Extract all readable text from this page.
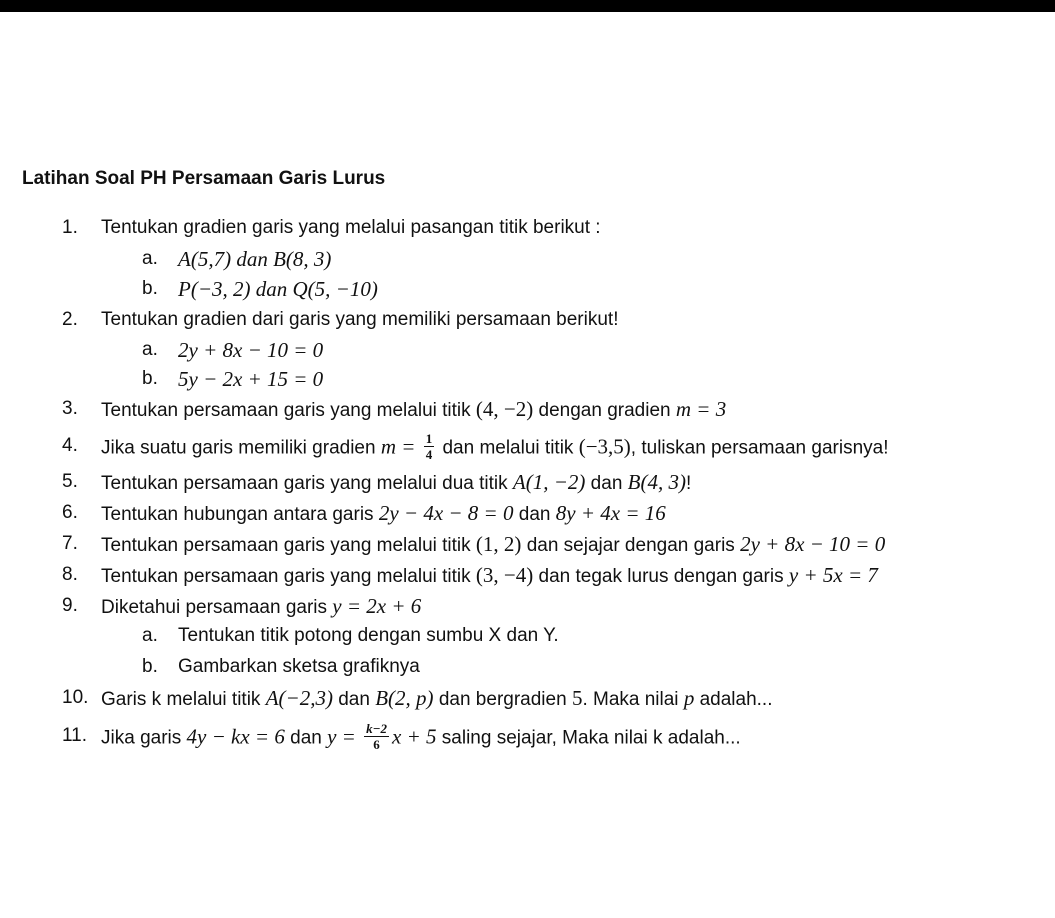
Latihan Soal PH Persamaan Garis Lurus
1.	Tentukan gradien garis yang melalui pasangan titik berikut :
a. A(5,7) dan B(8, 3)
b. P(−3, 2) dan Q(5, −10)
2.	Tentukan gradien dari garis yang memiliki persamaan berikut!
a. 2y + 8x − 10 = 0
b. 5y − 2x + 15 = 0
3.	Tentukan persamaan garis yang melalui titik (4, −2) dengan gradien m = 3
4.	Jika suatu garis memiliki gradien $m = \frac{1}{4}$ dan melalui titik (−3,5), tuliskan persamaan garisnya!
5.	Tentukan persamaan garis yang melalui dua titik A(1, −2) dan B(4, 3)!
6.	Tentukan hubungan antara garis 2y − 4x − 8 = 0 dan 8y + 4x = 16
7.	Tentukan persamaan garis yang melalui titik (1, 2) dan sejajar dengan garis 2y + 8x − 10 = 0
8.	Tentukan persamaan garis yang melalui titik (3, −4) dan tegak lurus dengan garis y + 5x = 7
9.	Diketahui persamaan garis y = 2x + 6
a.	Tentukan titik potong dengan sumbu X dan Y.
b.	Gambarkan sketsa grafiknya
10. Garis k melalui titik A(−2,3) dan B(2, p) dan bergradien 5. Maka nilai p adalah...
11. Jika garis 4y − kx = 6 dan $y = \frac{k-2}{6}$ x + 5 saling sejajar, Maka nilai k adalah...
